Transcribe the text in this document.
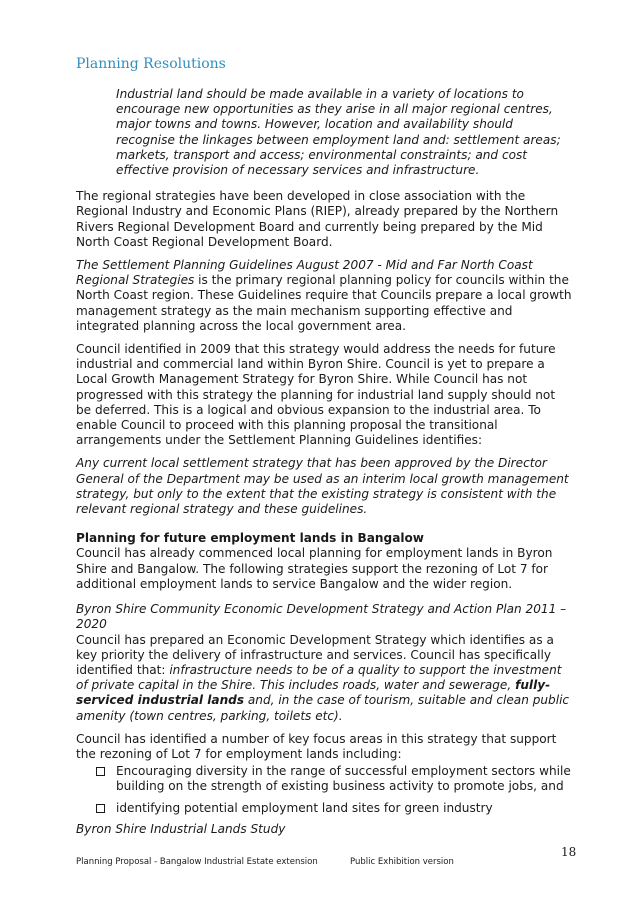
Planning Resolutions

Industrial land should be made available in a variety of locations to encourage new opportunities as they arise in all major regional centres, major towns and towns. However, location and availability should recognise the linkages between employment land and: settlement areas; markets, transport and access; environmental constraints; and cost effective provision of necessary services and infrastructure.

The regional strategies have been developed in close association with the Regional Industry and Economic Plans (RIEP), already prepared by the Northern Rivers Regional Development Board and currently being prepared by the Mid North Coast Regional Development Board.

The Settlement Planning Guidelines August 2007 - Mid and Far North Coast Regional Strategies is the primary regional planning policy for councils within the North Coast region. These Guidelines require that Councils prepare a local growth management strategy as the main mechanism supporting effective and integrated planning across the local government area.

Council identified in 2009 that this strategy would address the needs for future industrial and commercial land within Byron Shire. Council is yet to prepare a Local Growth Management Strategy for Byron Shire. While Council has not progressed with this strategy the planning for industrial land supply should not be deferred. This is a logical and obvious expansion to the industrial area. To enable Council to proceed with this planning proposal the transitional arrangements under the Settlement Planning Guidelines identifies:

Any current local settlement strategy that has been approved by the Director General of the Department may be used as an interim local growth management strategy, but only to the extent that the existing strategy is consistent with the relevant regional strategy and these guidelines.

Planning for future employment lands in Bangalow

Council has already commenced local planning for employment lands in Byron Shire and Bangalow. The following strategies support the rezoning of Lot 7 for additional employment lands to service Bangalow and the wider region.

Byron Shire Community Economic Development Strategy and Action Plan 2011 – 2020

Council has prepared an Economic Development Strategy which identifies as a key priority the delivery of infrastructure and services. Council has specifically identified that: infrastructure needs to be of a quality to support the investment of private capital in the Shire. This includes roads, water and sewerage, fully-serviced industrial lands and, in the case of tourism, suitable and clean public amenity (town centres, parking, toilets etc).

Council has identified a number of key focus areas in this strategy that support the rezoning of Lot 7 for employment lands including:

Encouraging diversity in the range of successful employment sectors while building on the strength of existing business activity to promote jobs, and
identifying potential employment land sites for green industry

Byron Shire Industrial Lands Study

18
Planning Proposal - Bangalow Industrial Estate extension	Public Exhibition version
